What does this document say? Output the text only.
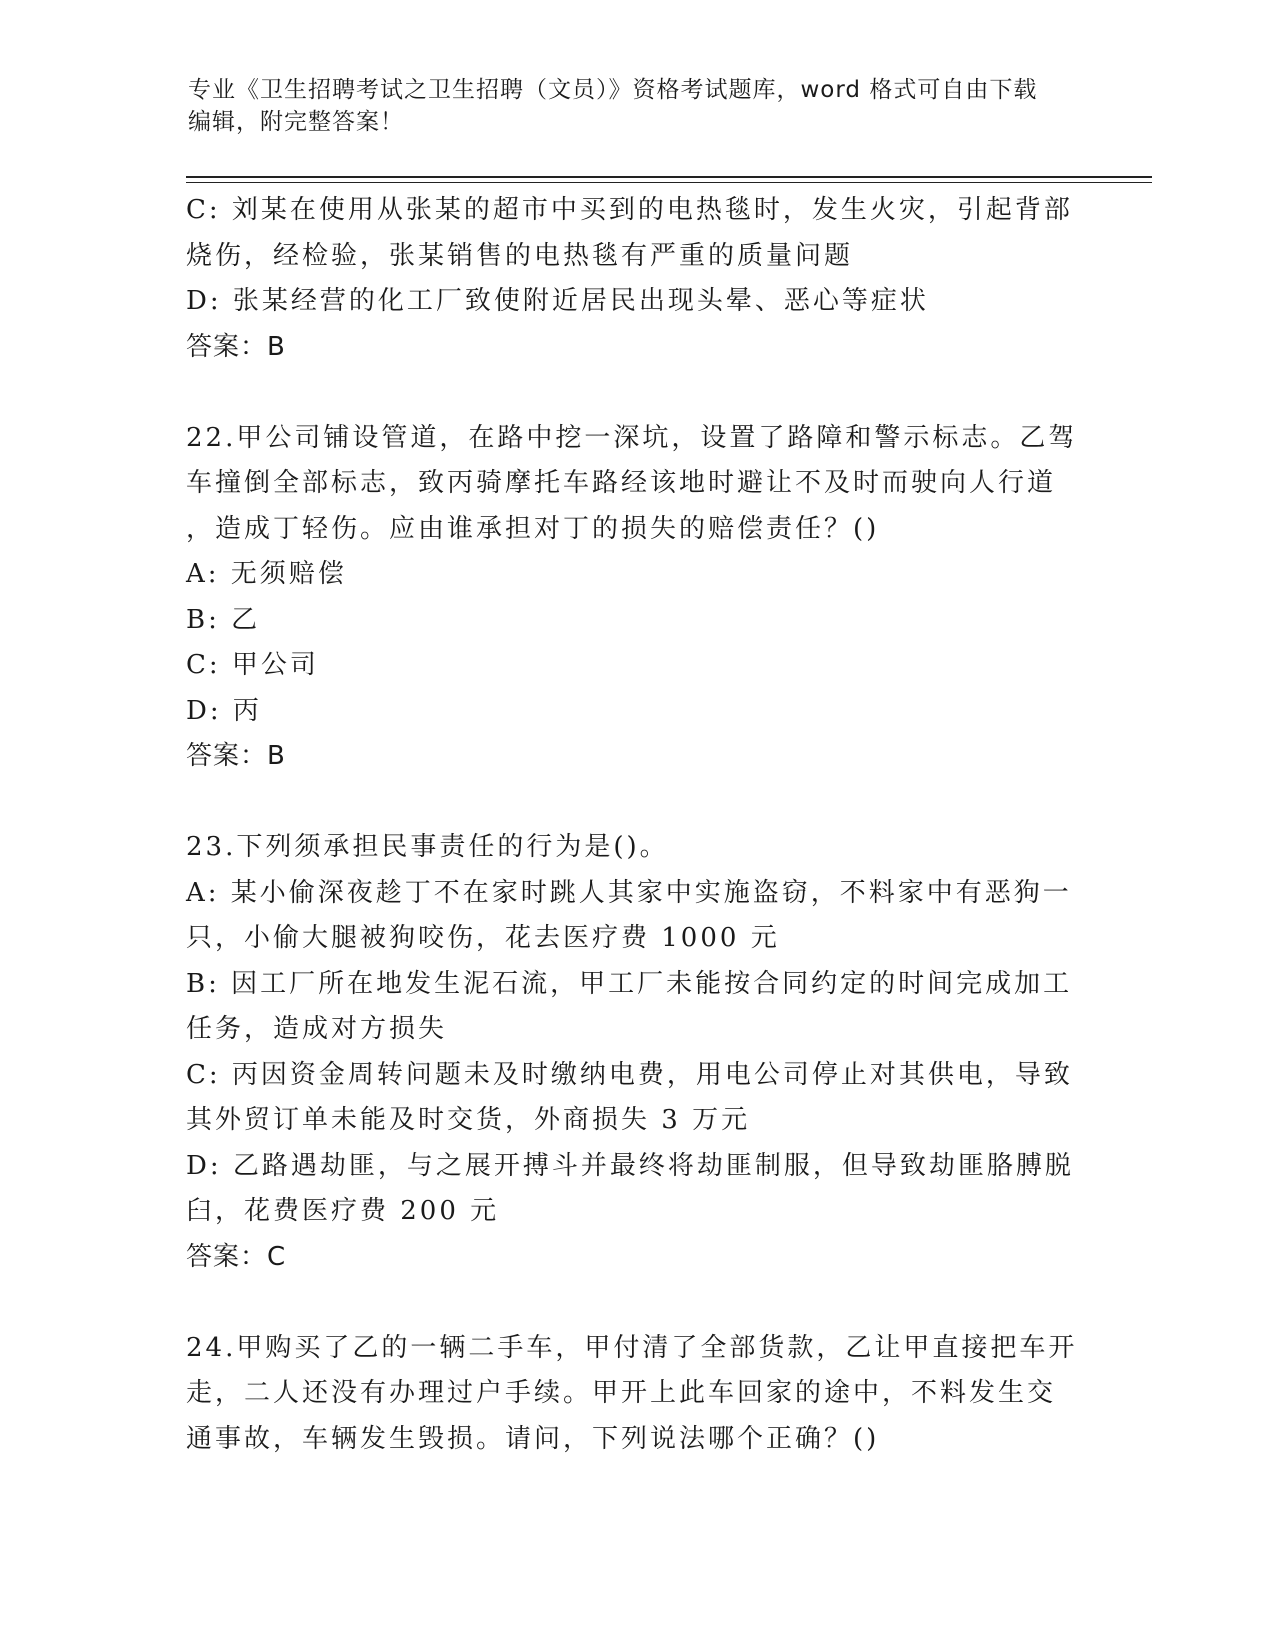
专业《卫生招聘考试之卫生招聘（文员）》资格考试题库，word 格式可自由下载

编辑，附完整答案！

C: 刘某在使用从张某的超市中买到的电热毯时，发生火灾，引起背部

烧伤，经检验，张某销售的电热毯有严重的质量问题

D: 张某经营的化工厂致使附近居民出现头晕、恶心等症状

答案：B

22.甲公司铺设管道，在路中挖一深坑，设置了路障和警示标志。乙驾

车撞倒全部标志，致丙骑摩托车路经该地时避让不及时而驶向人行道

，造成丁轻伤。应由谁承担对丁的损失的赔偿责任？()

A: 无须赔偿

B: 乙

C: 甲公司

D: 丙

答案：B

23.下列须承担民事责任的行为是()。

A: 某小偷深夜趁丁不在家时跳人其家中实施盗窃，不料家中有恶狗一

只，小偷大腿被狗咬伤，花去医疗费 1000 元

B: 因工厂所在地发生泥石流，甲工厂未能按合同约定的时间完成加工

任务，造成对方损失

C: 丙因资金周转问题未及时缴纳电费，用电公司停止对其供电，导致

其外贸订单未能及时交货，外商损失 3 万元

D: 乙路遇劫匪，与之展开搏斗并最终将劫匪制服，但导致劫匪胳膊脱

臼，花费医疗费 200 元

答案：C

24.甲购买了乙的一辆二手车，甲付清了全部货款，乙让甲直接把车开

走，二人还没有办理过户手续。甲开上此车回家的途中，不料发生交

通事故，车辆发生毁损。请问，下列说法哪个正确？()
